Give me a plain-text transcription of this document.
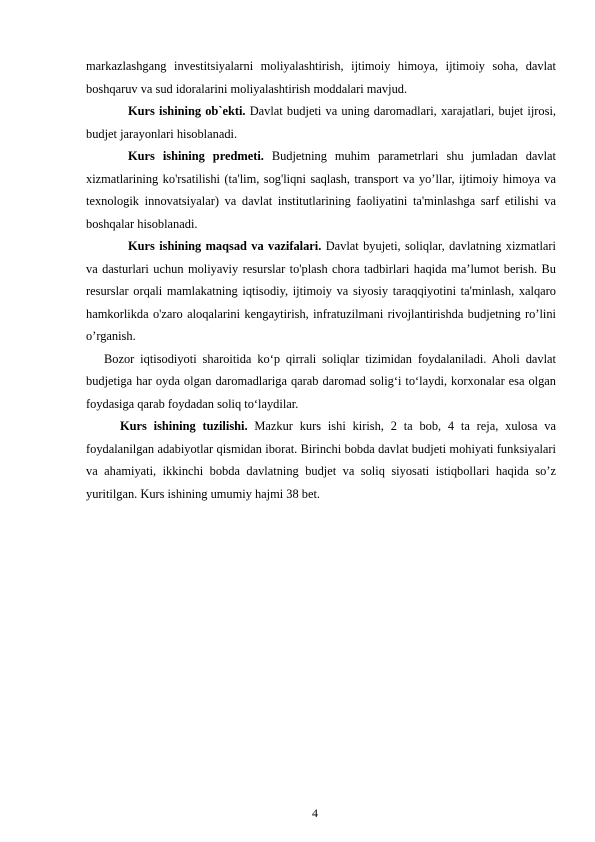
markazlashgang investitsiyalarni moliyalashtirish, ijtimoiy himoya, ijtimoiy soha, davlat boshqaruv va sud idoralarini moliyalashtirish moddalari mavjud.

Kurs ishining ob`ekti. Davlat budjeti va uning daromadlari, xarajatlari, bujet ijrosi, budjet jarayonlari hisoblanadi.

Kurs ishining predmeti. Budjetning muhim parametrlari shu jumladan davlat xizmatlarining ko'rsatilishi (ta'lim, sog'liqni saqlash, transport va yo’llar, ijtimoiy himoya va texnologik innovatsiyalar) va davlat institutlarining faoliyatini ta'minlashga sarf etilishi va boshqalar hisoblanadi.

Kurs ishining maqsad va vazifalari. Davlat byujeti, soliqlar, davlatning xizmatlari va dasturlari uchun moliyaviy resurslar to'plash chora tadbirlari haqida ma’lumot berish. Bu resurslar orqali mamlakatning iqtisodiy, ijtimoiy va siyosiy taraqqiyotini ta'minlash, xalqaro hamkorlikda o'zaro aloqalarini kengaytirish, infratuzilmani rivojlantirishda budjetning ro’lini o’rganish.

Bozor iqtisodiyoti sharoitida ko‘p qirrali soliqlar tizimidan foydalaniladi. Aholi davlat budjetiga har oyda olgan daromadlariga qarab daromad solig‘i to‘laydi, korxonalar esa olgan foydasiga qarab foydadan soliq to‘laydilar.

Kurs ishining tuzilishi. Mazkur kurs ishi kirish, 2 ta bob, 4 ta reja, xulosa va foydalanilgan adabiyotlar qismidan iborat. Birinchi bobda davlat budjeti mohiyati funksiyalari va ahamiyati, ikkinchi bobda davlatning budjet va soliq siyosati istiqbollari haqida so’z yuritilgan. Kurs ishining umumiy hajmi 38 bet.

4
